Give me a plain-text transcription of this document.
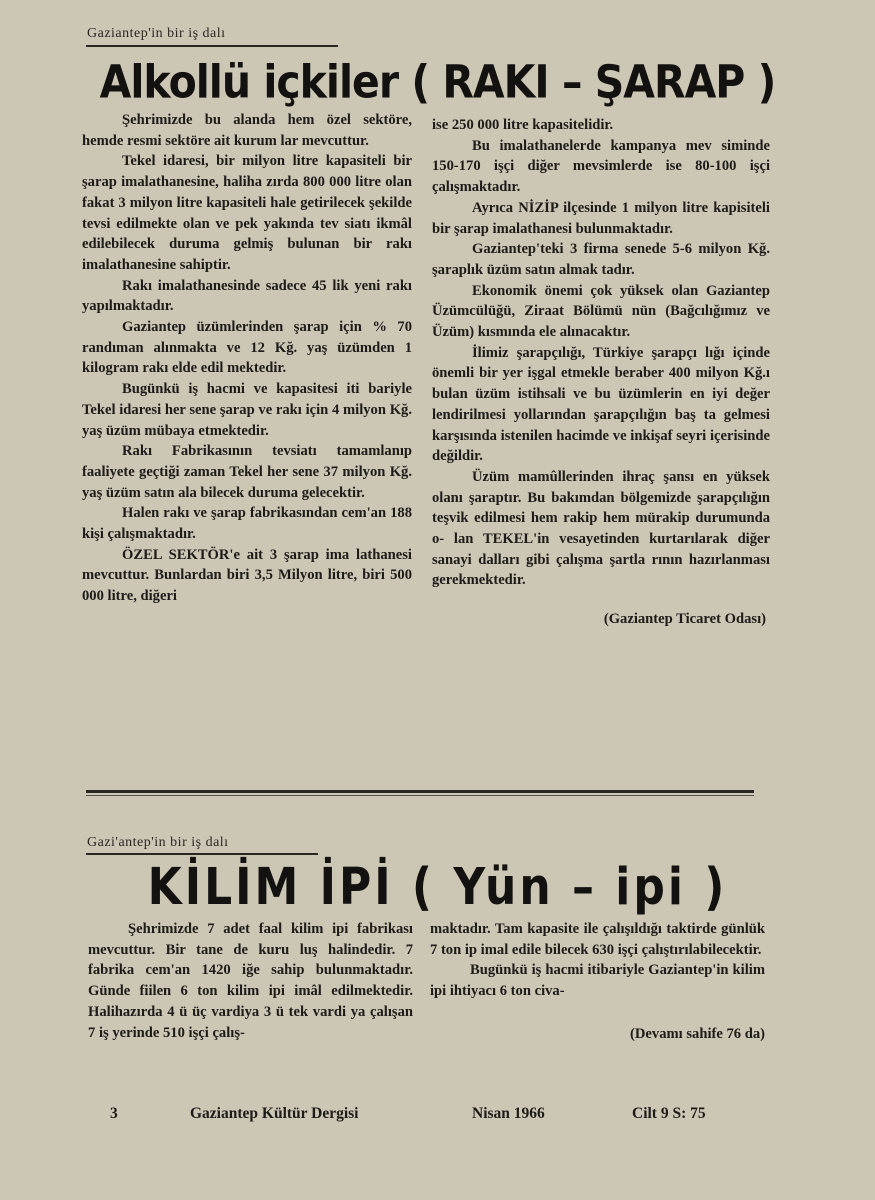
Gaziantep'in bir iş dalı
Alkollü içkiler ( RAKI – ŞARAP )

Şehrimizde bu alanda hem özel sektöre, hemde resmi sektöre ait kurum lar mevcuttur.

Tekel idaresi, bir milyon litre kapasiteli bir şarap imalathanesine, haliha zırda 800 000 litre olan fakat 3 milyon litre kapasiteli hale getirilecek şekilde tevsi edilmekte olan ve pek yakında tev siatı ikmâl edilebilecek duruma gelmiş bulunan bir rakı imalathanesine sahiptir.

Rakı imalathanesinde sadece 45 lik yeni rakı yapılmaktadır.

Gaziantep üzümlerinden şarap için % 70 randıman alınmakta ve 12 Kğ. yaş üzümden 1 kilogram rakı elde edil mektedir.

Bugünkü iş hacmi ve kapasitesi iti bariyle Tekel idaresi her sene şarap ve rakı için 4 milyon Kğ. yaş üzüm mübaya etmektedir.

Rakı Fabrikasının tevsiatı tamamlanıp faaliyete geçtiği zaman Tekel her sene 37 milyon Kğ. yaş üzüm satın ala bilecek duruma gelecektir.

Halen rakı ve şarap fabrikasından cem'an 188 kişi çalışmaktadır.

ÖZEL SEKTÖR'e ait 3 şarap ima lathanesi mevcuttur. Bunlardan biri 3,5 Milyon litre, biri 500 000 litre, diğeri

ise 250 000 litre kapasitelidir.

Bu imalathanelerde kampanya mev siminde 150-170 işçi diğer mevsimlerde ise 80-100 işçi çalışmaktadır.

Ayrıca NİZİP ilçesinde 1 milyon litre kapisiteli bir şarap imalathanesi bulunmaktadır.

Gaziantep'teki 3 firma senede 5-6 milyon Kğ. şaraplık üzüm satın almak tadır.

Ekonomik önemi çok yüksek olan Gaziantep Üzümcülüğü, Ziraat Bölümü nün (Bağcılığımız ve Üzüm) kısmında ele alınacaktır.

İlimiz şarapçılığı, Türkiye şarapçı lığı içinde önemli bir yer işgal etmekle beraber 400 milyon Kğ.ı bulan üzüm istihsali ve bu üzümlerin en iyi değer lendirilmesi yollarından şarapçılığın baş ta gelmesi karşısında istenilen hacimde ve inkişaf seyri içerisinde değildir.

Üzüm mamûllerinden ihraç şansı en yüksek olanı şaraptır. Bu bakımdan bölgemizde şarapçılığın teşvik edilmesi hem rakip hem mürakip durumunda o- lan TEKEL'in vesayetinden kurtarılarak diğer sanayi dalları gibi çalışma şartla rının hazırlanması gerekmektedir.

(Gaziantep Ticaret Odası)

Gazi'antep'in bir iş dalı
KİLİM İPİ ( Yün – ipi )

Şehrimizde 7 adet faal kilim ipi fabrikası mevcuttur. Bir tane de kuru luş halindedir. 7 fabrika cem'an 1420 iğe sahip bulunmaktadır. Günde fiilen 6 ton kilim ipi imâl edilmektedir. Halihazırda 4 ü üç vardiya 3 ü tek vardi ya çalışan 7 iş yerinde 510 işçi çalış-

maktadır. Tam kapasite ile çalışıldığı taktirde günlük 7 ton ip imal edile bilecek 630 işçi çalıştırılabilecektir.

Bugünkü iş hacmi itibariyle Gaziantep'in kilim ipi ihtiyacı 6 ton civa-

(Devamı sahife 76 da)

3	Gaziantep Kültür Dergisi	Nisan 1966	Cilt 9 S: 75
